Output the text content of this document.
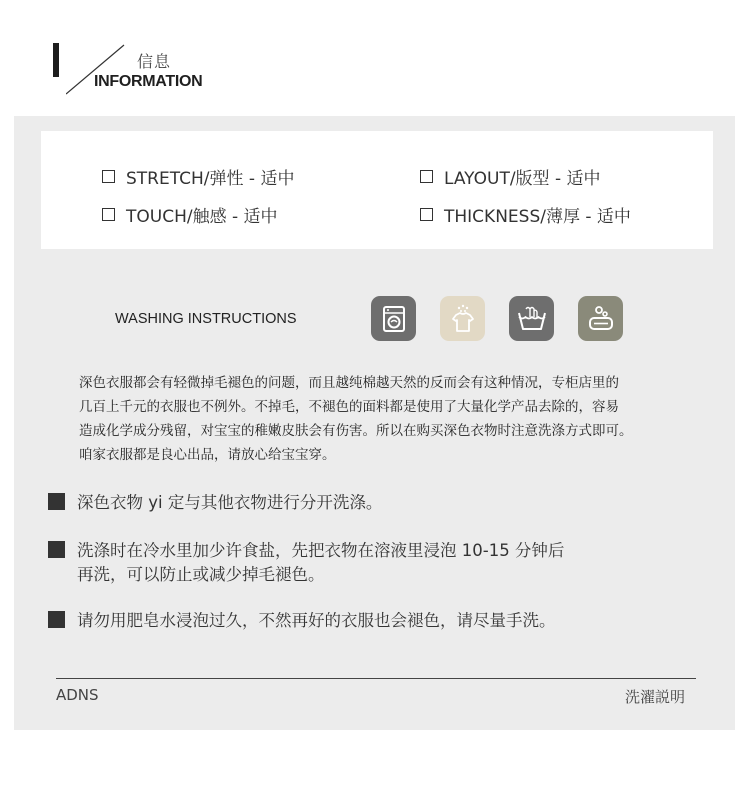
信息
INFORMATION
STRETCH/弹性 - 适中	LAYOUT/版型 - 适中
TOUCH/触感 - 适中	THICKNESS/薄厚 - 适中
WASHING INSTRUCTIONS
深色衣服都会有轻微掉毛褪色的问题，而且越纯棉越天然的反而会有这种情况，专柜店里的
几百上千元的衣服也不例外。不掉毛，不褪色的面料都是使用了大量化学产品去除的，容易
造成化学成分残留，对宝宝的稚嫩皮肤会有伤害。所以在购买深色衣物时注意洗涤方式即可。
咱家衣服都是良心出品，请放心给宝宝穿。
深色衣物 yi 定与其他衣物进行分开洗涤。
洗涤时在冷水里加少许食盐，先把衣物在溶液里浸泡 10-15 分钟后
再洗，可以防止或减少掉毛褪色。
请勿用肥皂水浸泡过久，不然再好的衣服也会褪色，请尽量手洗。
ADNS	洗濯説明
